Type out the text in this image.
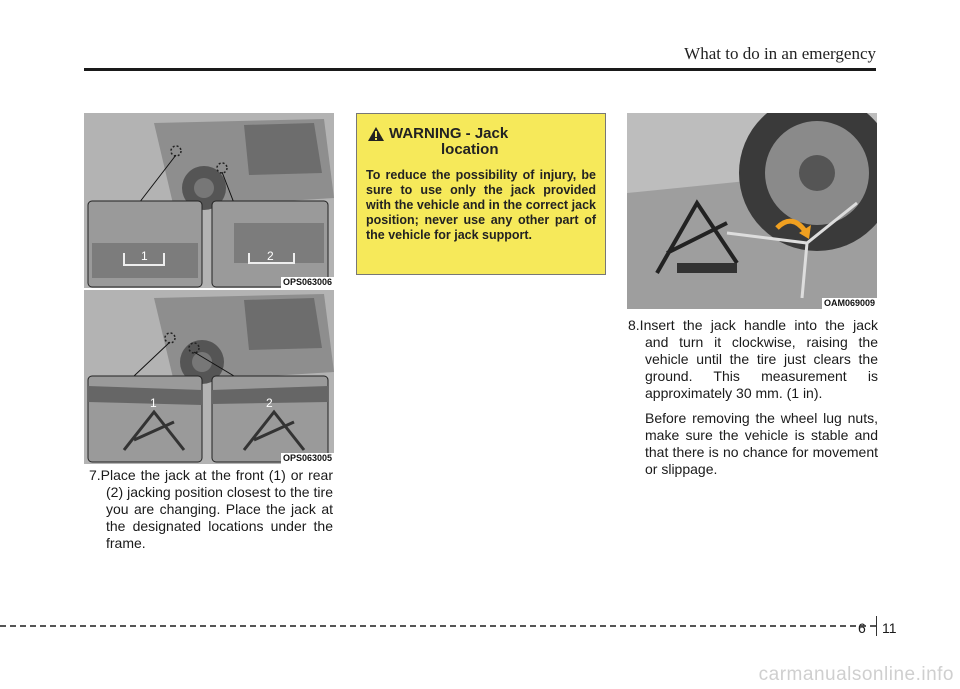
What to do in an emergency
1	2
OPS063006
1	2
OPS063005

7.Place the jack at the front (1) or rear (2) jacking position closest to the tire you are changing. Place the jack at the designated locations under the frame.

WARNING - Jack
location
To reduce the possibility of injury, be sure to use only the jack provided with the vehicle and in the correct jack position; never use any other part of the vehicle for jack support.
OAM069009

8.Insert the jack handle into the jack and turn it clockwise, raising the vehicle until the tire just clears the ground. This measurement is approximately 30 mm. (1 in).

Before removing the wheel lug nuts, make sure the vehicle is stable and that there is no chance for movement or slippage.

6 11
carmanualsonline.info
